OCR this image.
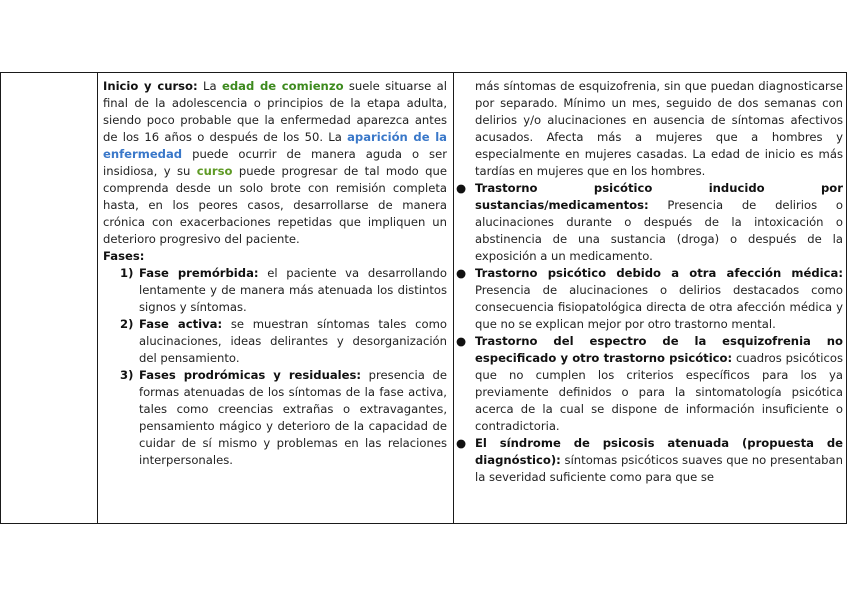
Inicio y curso: La edad de comienzo suele situarse al final de la adolescencia o principios de la etapa adulta, siendo poco probable que la enfermedad aparezca antes de los 16 años o después de los 50. La aparición de la enfermedad puede ocurrir de manera aguda o ser insidiosa, y su curso puede progresar de tal modo que comprenda desde un solo brote con remisión completa hasta, en los peores casos, desarrollarse de manera crónica con exacerbaciones repetidas que impliquen un deterioro progresivo del paciente.

Fases:

1) Fase premórbida: el paciente va desarrollando lentamente y de manera más atenuada los distintos signos y síntomas.
2) Fase activa: se muestran síntomas tales como alucinaciones, ideas delirantes y desorganización del pensamiento.
3) Fases prodrómicas y residuales: presencia de formas atenuadas de los síntomas de la fase activa, tales como creencias extrañas o extravagantes, pensamiento mágico y deterioro de la capacidad de cuidar de sí mismo y problemas en las relaciones interpersonales.

más síntomas de esquizofrenia, sin que puedan diagnosticarse por separado. Mínimo un mes, seguido de dos semanas con delirios y/o alucinaciones en ausencia de síntomas afectivos acusados. Afecta más a mujeres que a hombres y especialmente en mujeres casadas. La edad de inicio es más tardías en mujeres que en los hombres.

● Trastorno psicótico inducido por sustancias/medicamentos: Presencia de delirios o alucinaciones durante o después de la intoxicación o abstinencia de una sustancia (droga) o después de la exposición a un medicamento.
● Trastorno psicótico debido a otra afección médica: Presencia de alucinaciones o delirios destacados como consecuencia fisiopatológica directa de otra afección médica y que no se explican mejor por otro trastorno mental.
● Trastorno del espectro de la esquizofrenia no especificado y otro trastorno psicótico: cuadros psicóticos que no cumplen los criterios específicos para los ya previamente definidos o para la sintomatología psicótica acerca de la cual se dispone de información insuficiente o contradictoria.
● El síndrome de psicosis atenuada (propuesta de diagnóstico): síntomas psicóticos suaves que no presentaban la severidad suficiente como para que se
